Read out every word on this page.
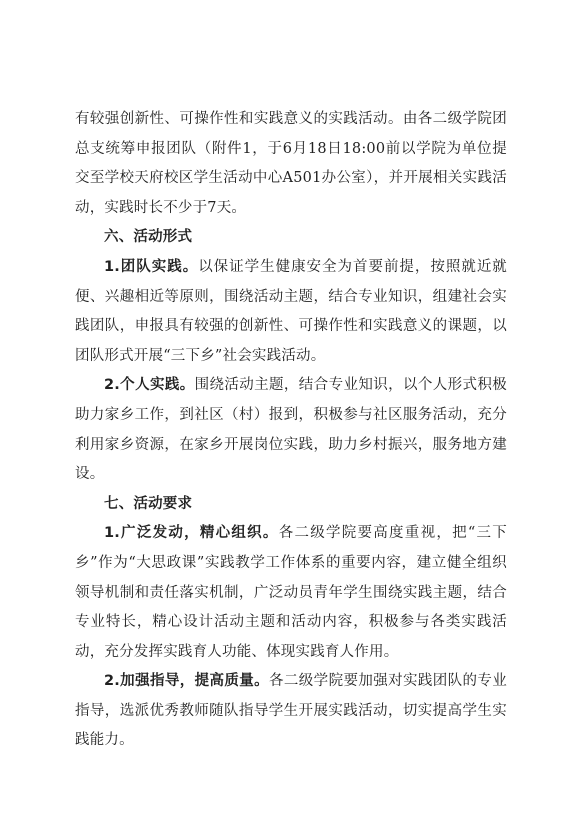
有较强创新性、可操作性和实践意义的实践活动。由各二级学院团总支统筹申报团队（附件1，于6月18日18:00前以学院为单位提交至学校天府校区学生活动中心A501办公室），并开展相关实践活动，实践时长不少于7天。

六、活动形式

1.团队实践。以保证学生健康安全为首要前提，按照就近就便、兴趣相近等原则，围绕活动主题，结合专业知识，组建社会实践团队，申报具有较强的创新性、可操作性和实践意义的课题，以团队形式开展“三下乡”社会实践活动。

2.个人实践。围绕活动主题，结合专业知识，以个人形式积极助力家乡工作，到社区（村）报到，积极参与社区服务活动，充分利用家乡资源，在家乡开展岗位实践，助力乡村振兴，服务地方建设。

七、活动要求

1.广泛发动，精心组织。各二级学院要高度重视，把“三下乡”作为“大思政课”实践教学工作体系的重要内容，建立健全组织领导机制和责任落实机制，广泛动员青年学生围绕实践主题，结合专业特长，精心设计活动主题和活动内容，积极参与各类实践活动，充分发挥实践育人功能、体现实践育人作用。

2.加强指导，提高质量。各二级学院要加强对实践团队的专业指导，选派优秀教师随队指导学生开展实践活动，切实提高学生实践能力。
